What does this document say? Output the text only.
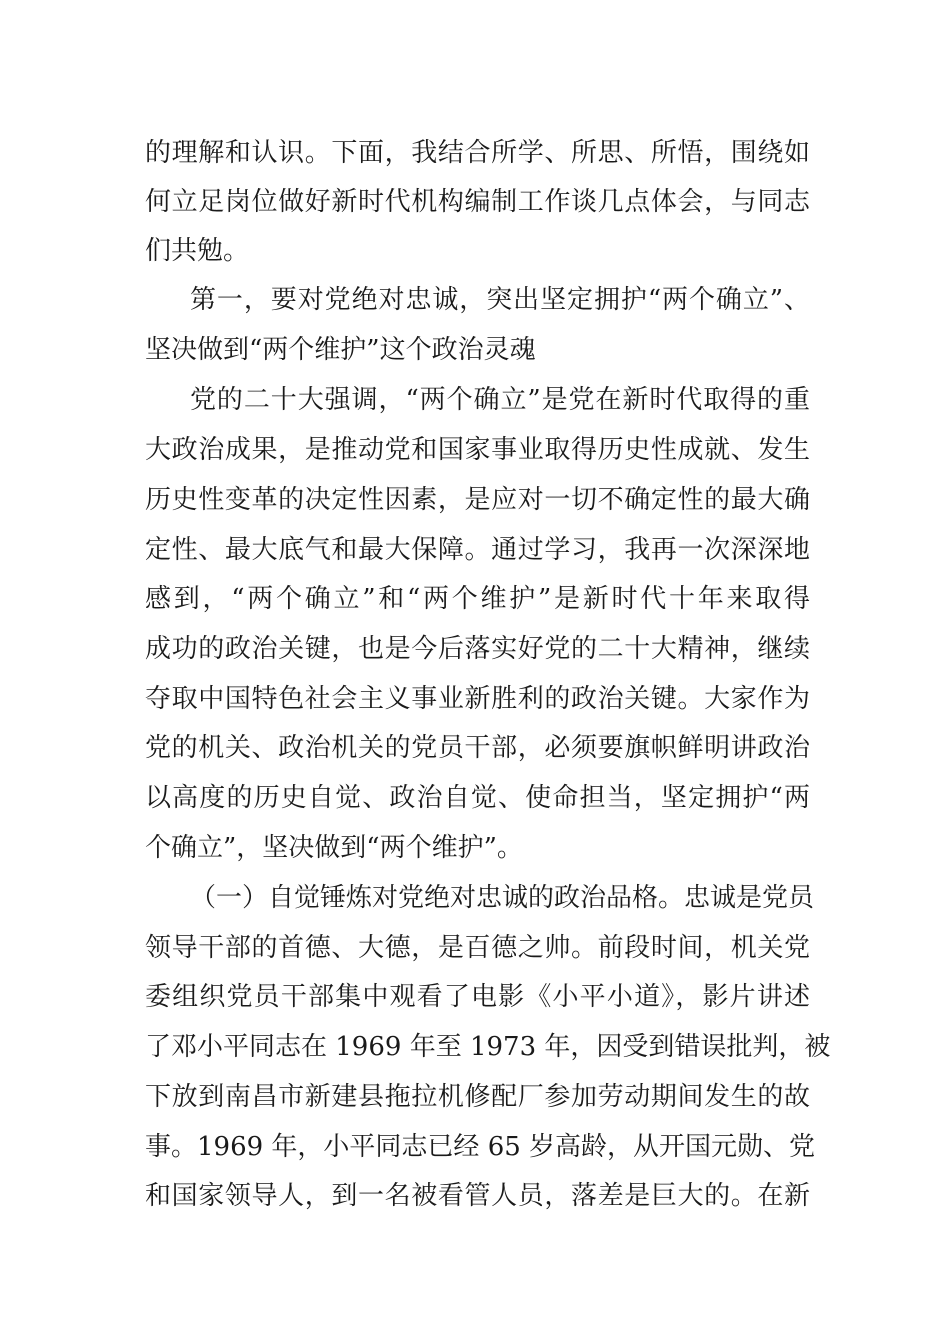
的理解和认识。下面，我结合所学、所思、所悟，围绕如
何立足岗位做好新时代机构编制工作谈几点体会，与同志
们共勉。
第一，要对党绝对忠诚，突出坚定拥护“两个确立”、
坚决做到“两个维护”这个政治灵魂
党的二十大强调，“两个确立”是党在新时代取得的重
大政治成果，是推动党和国家事业取得历史性成就、发生
历史性变革的决定性因素，是应对一切不确定性的最大确
定性、最大底气和最大保障。通过学习，我再一次深深地
感到，“两个确立”和“两个维护”是新时代十年来取得
成功的政治关键，也是今后落实好党的二十大精神，继续
夺取中国特色社会主义事业新胜利的政治关键。大家作为
党的机关、政治机关的党员干部，必须要旗帜鲜明讲政治
以高度的历史自觉、政治自觉、使命担当，坚定拥护“两
个确立”，坚决做到“两个维护”。
（一）自觉锤炼对党绝对忠诚的政治品格。忠诚是党员
领导干部的首德、大德，是百德之帅。前段时间，机关党
委组织党员干部集中观看了电影《小平小道》，影片讲述
了邓小平同志在 1969 年至 1973 年，因受到错误批判，被
下放到南昌市新建县拖拉机修配厂参加劳动期间发生的故
事。1969 年，小平同志已经 65 岁高龄，从开国元勋、党
和国家领导人，到一名被看管人员，落差是巨大的。在新
